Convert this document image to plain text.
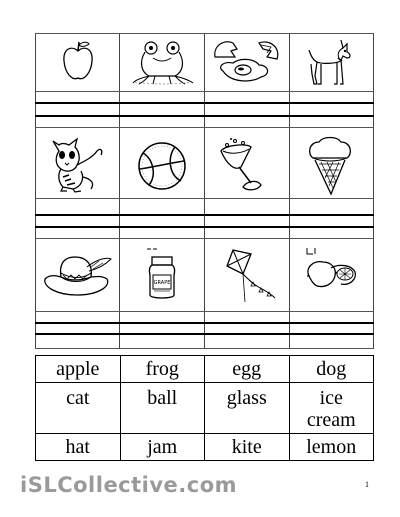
GRAPE
apple	frog	egg	dog
cat	ball	glass	ice
cream
hat	jam	kite	lemon
iSLCollective.com	1
